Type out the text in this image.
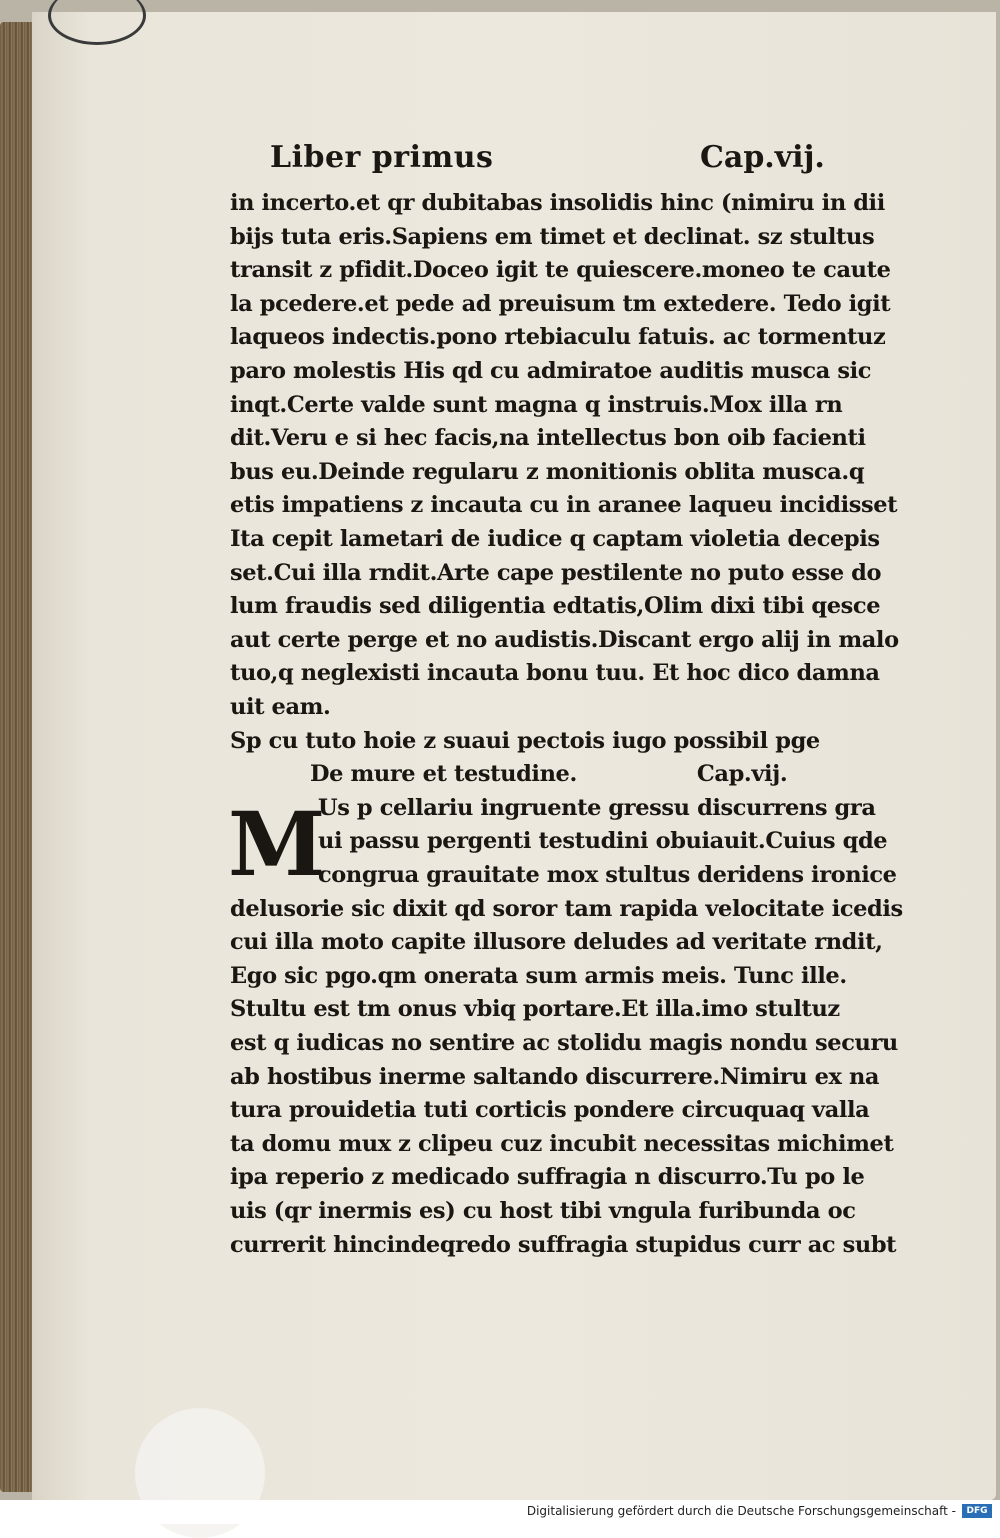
Liber primus	Cap.vij.
in incerto.et qr dubitabas insolidis hinc (nimiru in dii
bijs tuta eris.Sapiens em timet et declinat. sz stultus
transit z pfidit.Doceo igit te quiescere.moneo te caute
la pcedere.et pede ad preuisum tm extedere. Tedo igit
laqueos indectis.pono rtebiaculu fatuis. ac tormentuz
paro molestis His qd cu admiratoe auditis musca sic
inqt.Certe valde sunt magna q instruis.Mox illa rn
dit.Veru e si hec facis,na intellectus bon oib facienti
bus eu.Deinde regularu z monitionis oblita musca.q
etis impatiens z incauta cu in aranee laqueu incidisset
Ita cepit lametari de iudice q captam violetia decepis
set.Cui illa rndit.Arte cape pestilente no puto esse do
lum fraudis sed diligentia edtatis,Olim dixi tibi qesce
aut certe perge et no audistis.Discant ergo alij in malo
tuo,q neglexisti incauta bonu tuu. Et hoc dico damna
uit eam.
Sp cu tuto hoie z suaui pectois iugo possibil pge
De mure et testudine.	Cap.vij.
Us p cellariu ingruente gressu discurrens gra
ui passu pergenti testudini obuiauit.Cuius qde
congrua grauitate mox stultus deridens ironice
delusorie sic dixit qd soror tam rapida velocitate icedis
cui illa moto capite illusore deludes ad veritate rndit,
Ego sic pgo.qm onerata sum armis meis. Tunc ille.
Stultu est tm onus vbiq portare.Et illa.imo stultuz
est q iudicas no sentire ac stolidu magis nondu securu
ab hostibus inerme saltando discurrere.Nimiru ex na
tura prouidetia tuti corticis pondere circuquaq valla
ta domu mux z clipeu cuz incubit necessitas michimet
ipa reperio z medicado suffragia n discurro.Tu po le
uis (qr inermis es) cu host tibi vngula furibunda oc
currerit hincindeqredo suffragia stupidus curr ac subt
M
Digitalisierung gefördert durch die Deutsche Forschungsgemeinschaft -	DFG
